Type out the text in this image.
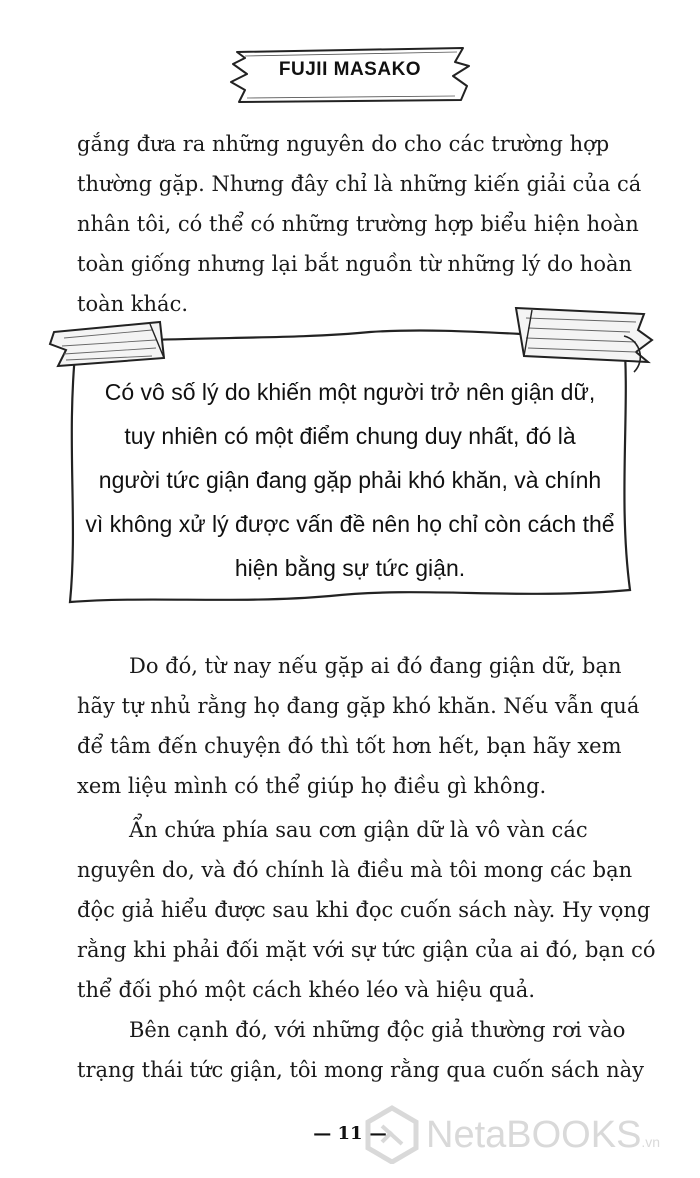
FUJII MASAKO

gắng đưa ra những nguyên do cho các trường hợp
thường gặp. Nhưng đây chỉ là những kiến giải của cá
nhân tôi, có thể có những trường hợp biểu hiện hoàn
toàn giống nhưng lại bắt nguồn từ những lý do hoàn
toàn khác.

Có vô số lý do khiến một người trở nên giận dữ,
tuy nhiên có một điểm chung duy nhất, đó là
người tức giận đang gặp phải khó khăn, và chính
vì không xử lý được vấn đề nên họ chỉ còn cách thể
hiện bằng sự tức giận.

Do đó, từ nay nếu gặp ai đó đang giận dữ, bạn
hãy tự nhủ rằng họ đang gặp khó khăn. Nếu vẫn quá
để tâm đến chuyện đó thì tốt hơn hết, bạn hãy xem
xem liệu mình có thể giúp họ điều gì không.

Ẩn chứa phía sau cơn giận dữ là vô vàn các
nguyên do, và đó chính là điều mà tôi mong các bạn
độc giả hiểu được sau khi đọc cuốn sách này. Hy vọng
rằng khi phải đối mặt với sự tức giận của ai đó, bạn có
thể đối phó một cách khéo léo và hiệu quả.

Bên cạnh đó, với những độc giả thường rơi vào
trạng thái tức giận, tôi mong rằng qua cuốn sách này

— 11 —	NetaBOOKS.vn
